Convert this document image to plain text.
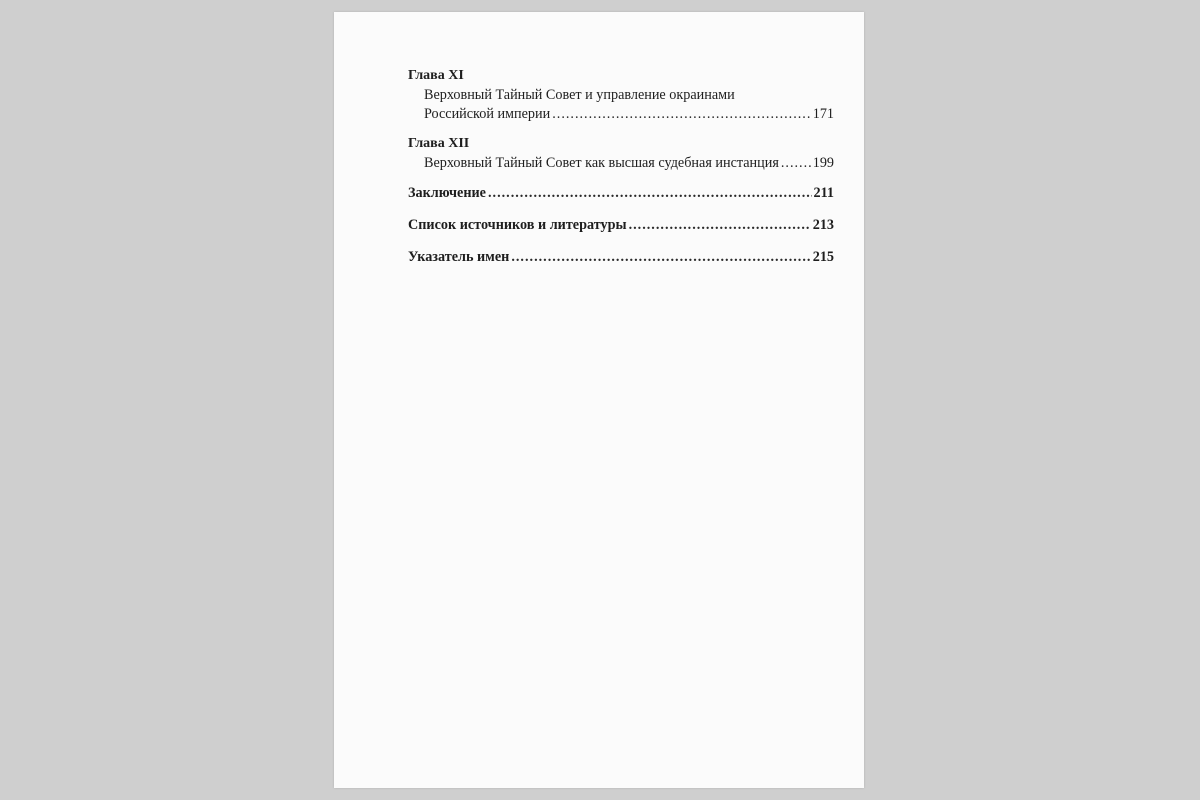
Глава XI
Верховный Тайный Совет и управление окраинами
Российской империи .....	171
Глава XII
Верховный Тайный Совет как высшая судебная инстанция ..... 199
Заключение .....	211
Список источников и литературы .....	213
Указатель имен .....	215
